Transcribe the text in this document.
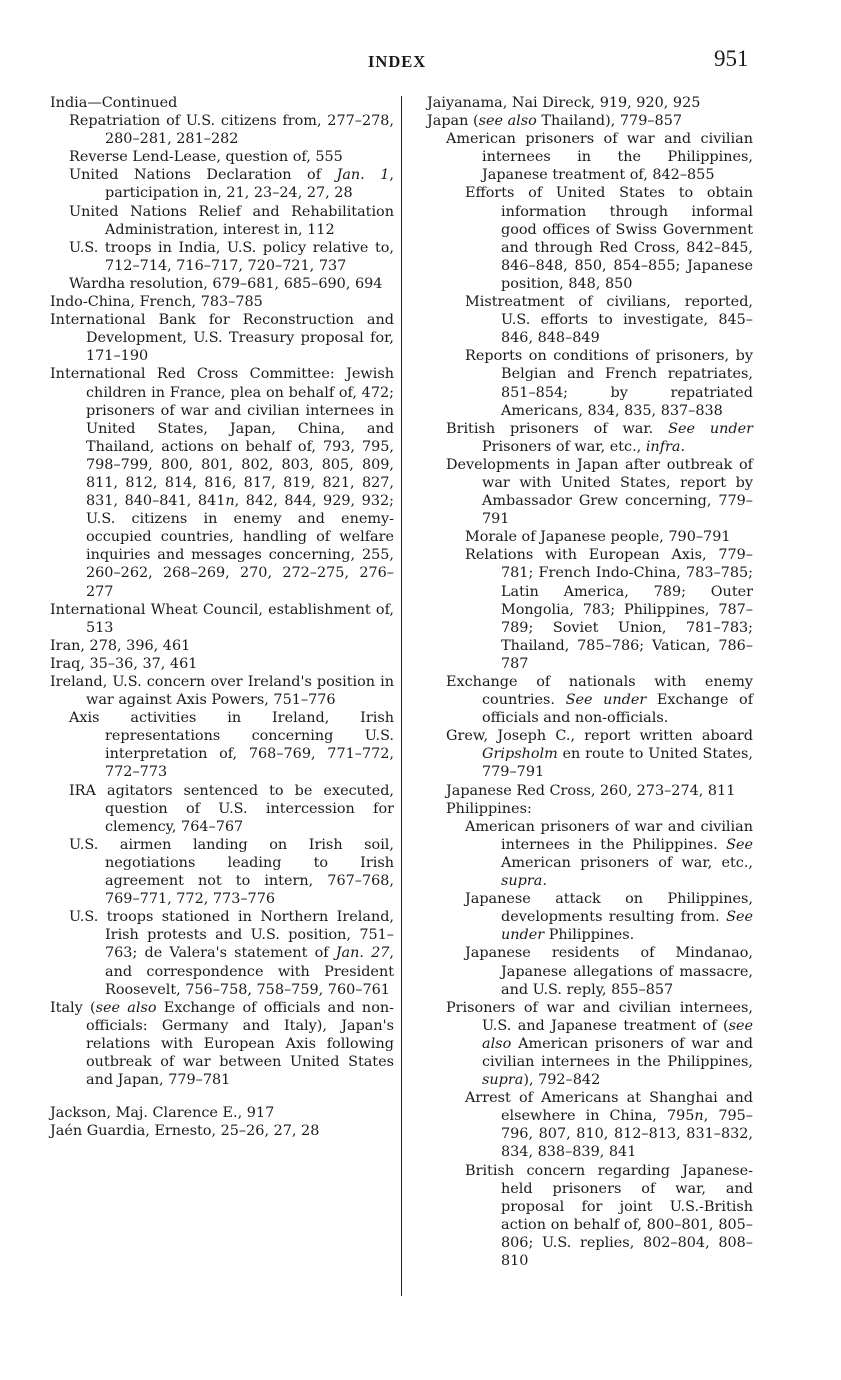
INDEX	951

India—Continued

Repatriation of U.S. citizens from, 277–278, 280–281, 281–282

Reverse Lend-Lease, question of, 555

United Nations Declaration of Jan. 1, participation in, 21, 23–24, 27, 28

United Nations Relief and Rehabilitation Administration, interest in, 112

U.S. troops in India, U.S. policy relative to, 712–714, 716–717, 720–721, 737

Wardha resolution, 679–681, 685–690, 694

Indo-China, French, 783–785

International Bank for Reconstruction and Development, U.S. Treasury proposal for, 171–190

International Red Cross Committee: Jewish children in France, plea on behalf of, 472; prisoners of war and civilian internees in United States, Japan, China, and Thailand, actions on behalf of, 793, 795, 798–799, 800, 801, 802, 803, 805, 809, 811, 812, 814, 816, 817, 819, 821, 827, 831, 840–841, 841n, 842, 844, 929, 932; U.S. citizens in enemy and enemy-occupied countries, handling of welfare inquiries and messages concerning, 255, 260–262, 268–269, 270, 272–275, 276–277

International Wheat Council, establishment of, 513

Iran, 278, 396, 461

Iraq, 35–36, 37, 461

Ireland, U.S. concern over Ireland's position in war against Axis Powers, 751–776

Axis activities in Ireland, Irish representations concerning U.S. interpretation of, 768–769, 771–772, 772–773

IRA agitators sentenced to be executed, question of U.S. intercession for clemency, 764–767

U.S. airmen landing on Irish soil, negotiations leading to Irish agreement not to intern, 767–768, 769–771, 772, 773–776

U.S. troops stationed in Northern Ireland, Irish protests and U.S. position, 751–763; de Valera's statement of Jan. 27, and correspondence with President Roosevelt, 756–758, 758–759, 760–761

Italy (see also Exchange of officials and non-officials: Germany and Italy), Japan's relations with European Axis following outbreak of war between United States and Japan, 779–781

Jackson, Maj. Clarence E., 917

Jaén Guardia, Ernesto, 25–26, 27, 28

Jaiyanama, Nai Direck, 919, 920, 925

Japan (see also Thailand), 779–857

American prisoners of war and civilian internees in the Philippines, Japanese treatment of, 842–855

Efforts of United States to obtain information through informal good offices of Swiss Government and through Red Cross, 842–845, 846–848, 850, 854–855; Japanese position, 848, 850

Mistreatment of civilians, reported, U.S. efforts to investigate, 845–846, 848–849

Reports on conditions of prisoners, by Belgian and French repatriates, 851–854; by repatriated Americans, 834, 835, 837–838

British prisoners of war. See under Prisoners of war, etc., infra.

Developments in Japan after outbreak of war with United States, report by Ambassador Grew concerning, 779–791

Morale of Japanese people, 790–791

Relations with European Axis, 779–781; French Indo-China, 783–785; Latin America, 789; Outer Mongolia, 783; Philippines, 787–789; Soviet Union, 781–783; Thailand, 785–786; Vatican, 786–787

Exchange of nationals with enemy countries. See under Exchange of officials and non-officials.

Grew, Joseph C., report written aboard Gripsholm en route to United States, 779–791

Japanese Red Cross, 260, 273–274, 811

Philippines:

American prisoners of war and civilian internees in the Philippines. See American prisoners of war, etc., supra.

Japanese attack on Philippines, developments resulting from. See under Philippines.

Japanese residents of Mindanao, Japanese allegations of massacre, and U.S. reply, 855–857

Prisoners of war and civilian internees, U.S. and Japanese treatment of (see also American prisoners of war and civilian internees in the Philippines, supra), 792–842

Arrest of Americans at Shanghai and elsewhere in China, 795n, 795–796, 807, 810, 812–813, 831–832, 834, 838–839, 841

British concern regarding Japanese-held prisoners of war, and proposal for joint U.S.-British action on behalf of, 800–801, 805–806; U.S. replies, 802–804, 808–810
